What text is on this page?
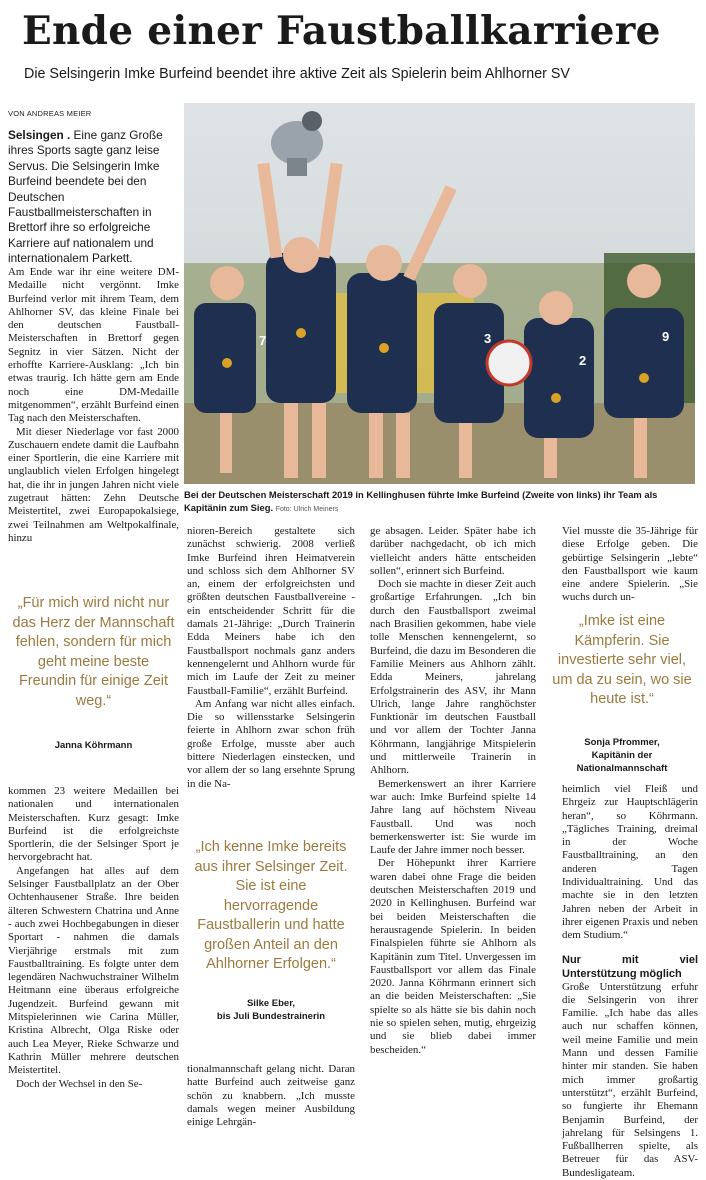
Ende einer Faustballkarriere
Die Selsingerin Imke Burfeind beendet ihre aktive Zeit als Spielerin beim Ahlhorner SV
VON ANDREAS MEIER
Selsingen . Eine ganz Große ihres Sports sagte ganz leise Servus. Die Selsingerin Imke Burfeind beendete bei den Deutschen Faustballmeisterschaften in Brettorf ihre so erfolgreiche Karriere auf nationalem und internationalem Parkett.

Am Ende war ihr eine weitere DM-Medaille nicht vergönnt. Imke Burfeind verlor mit ihrem Team, dem Ahlhorner SV, das kleine Finale bei den deutschen Faustball-Meisterschaften in Brettorf gegen Segnitz in vier Sätzen. Nicht der erhoffte Karriere-Ausklang: „Ich bin etwas traurig. Ich hätte gern am Ende noch eine DM-Medaille mitgenommen“, erzählt Burfeind einen Tag nach den Meisterschaften.

Mit dieser Niederlage vor fast 2000 Zuschauern endete damit die Laufbahn einer Sportlerin, die eine Karriere mit unglaublich vielen Erfolgen hingelegt hat, die ihr in jungen Jahren nicht viele zugetraut hätten: Zehn Deutsche Meistertitel, zwei Europapokalsiege, zwei Teilnahmen am Weltpokalfinale, hinzu

„Für mich wird nicht nur das Herz der Mannschaft fehlen, sondern für mich geht meine beste Freundin für einige Zeit weg.“
Janna Köhrmann

kommen 23 weitere Medaillen bei nationalen und internationalen Meisterschaften. Kurz gesagt: Imke Burfeind ist die erfolgreichste Sportlerin, die der Selsinger Sport je hervorgebracht hat.

Angefangen hat alles auf dem Selsinger Faustballplatz an der Ober Ochtenhausener Straße. Ihre beiden älteren Schwestern Chatrina und Anne - auch zwei Hochbegabungen in dieser Sportart - nahmen die damals Vierjährige erstmals mit zum Faustballtraining. Es folgte unter dem legendären Nachwuchstrainer Wilhelm Heitmann eine überaus erfolgreiche Jugendzeit. Burfeind gewann mit Mitspielerinnen wie Carina Müller, Kristina Albrecht, Olga Riske oder auch Lea Meyer, Rieke Schwarze und Kathrin Müller mehrere deutschen Meistertitel.

Doch der Wechsel in den Se-

7	3
2
9
Bei der Deutschen Meisterschaft 2019 in Kellinghusen führte Imke Burfeind (Zweite von links) ihr Team als Kapitänin zum Sieg. Foto: Ulrich Meiners

nioren-Bereich gestaltete sich zunächst schwierig. 2008 verließ Imke Burfeind ihren Heimatverein und schloss sich dem Ahlhorner SV an, einem der erfolgreichsten und größten deutschen Faustballvereine - ein entscheidender Schritt für die damals 21-Jährige: „Durch Trainerin Edda Meiners habe ich den Faustballsport nochmals ganz anders kennengelernt und Ahlhorn wurde für mich im Laufe der Zeit zu meiner Faustball-Familie“, erzählt Burfeind.

Am Anfang war nicht alles einfach. Die so willensstarke Selsingerin feierte in Ahlhorn zwar schon früh große Erfolge, musste aber auch bittere Niederlagen einstecken, und vor allem der so lang ersehnte Sprung in die Na-

„Ich kenne Imke bereits aus ihrer Selsinger Zeit. Sie ist eine hervorragende Faustballerin und hatte großen Anteil an den Ahlhorner Erfolgen.“
Silke Eber,
bis Juli Bundestrainerin

tionalmannschaft gelang nicht. Daran hatte Burfeind auch zeitweise ganz schön zu knabbern. „Ich musste damals wegen meiner Ausbildung einige Lehrgän-

ge absagen. Leider. Später habe ich darüber nachgedacht, ob ich mich vielleicht anders hätte entscheiden sollen“, erinnert sich Burfeind.

Doch sie machte in dieser Zeit auch großartige Erfahrungen. „Ich bin durch den Faustballsport zweimal nach Brasilien gekommen, habe viele tolle Menschen kennengelernt, so Burfeind, die dazu im Besonderen die Familie Meiners aus Ahlhorn zählt. Edda Meiners, jahrelang Erfolgstrainerin des ASV, ihr Mann Ulrich, lange Jahre ranghöchster Funktionär im deutschen Faustball und vor allem der Tochter Janna Köhrmann, langjährige Mitspielerin und mittlerweile Trainerin in Ahlhorn.

Bemerkenswert an ihrer Karriere war auch: Imke Burfeind spielte 14 Jahre lang auf höchstem Niveau Faustball. Und was noch bemerkenswerter ist: Sie wurde im Laufe der Jahre immer noch besser.

Der Höhepunkt ihrer Karriere waren dabei ohne Frage die beiden deutschen Meisterschaften 2019 und 2020 in Kellinghusen. Burfeind war bei beiden Meisterschaften die herausragende Spielerin. In beiden Finalspielen führte sie Ahlhorn als Kapitänin zum Titel. Unvergessen im Faustballsport vor allem das Finale 2020. Janna Köhrmann erinnert sich an die beiden Meisterschaften: „Sie spielte so als hätte sie bis dahin noch nie so spielen sehen, mutig, ehrgeizig und sie blieb dabei immer bescheiden.“

Viel musste die 35-Jährige für diese Erfolge geben. Die gebürtige Selsingerin „lebte“ den Faustballsport wie kaum eine andere Spielerin. „Sie wuchs durch un-

„Imke ist eine Kämpferin. Sie investierte sehr viel, um da zu sein, wo sie heute ist.“
Sonja Pfrommer,
Kapitänin der Nationalmannschaft

heimlich viel Fleiß und Ehrgeiz zur Hauptschlägerin heran“, so Köhrmann. „Tägliches Training, dreimal in der Woche Faustballtraining, an den anderen Tagen Individualtraining. Und das machte sie in den letzten Jahren neben der Arbeit in ihrer eigenen Praxis und neben dem Studium.“

Nur mit viel Unterstützung möglich

Große Unterstützung erfuhr die Selsingerin von ihrer Familie. „Ich habe das alles auch nur schaffen können, weil meine Familie und mein Mann und dessen Familie hinter mir standen. Sie haben mich immer großartig unterstützt“, erzählt Burfeind, so fungierte ihr Ehemann Benjamin Burfeind, der jahrelang für Selsingens 1. Fußballherren spielte, als Betreuer für das ASV-Bundesligateam.
